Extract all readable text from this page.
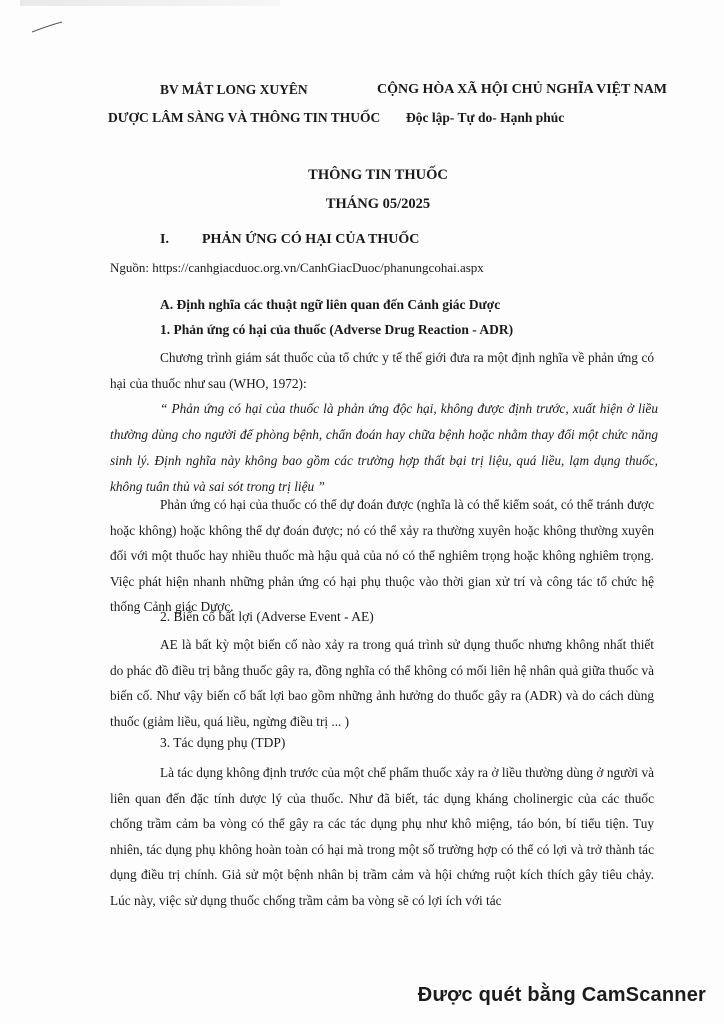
BV MẮT LONG XUYÊN	CỘNG HÒA XÃ HỘI CHỦ NGHĨA VIỆT NAM
DƯỢC LÂM SÀNG VÀ THÔNG TIN THUỐC Độc lập- Tự do- Hạnh phúc
THÔNG TIN THUỐC
THÁNG 05/2025
I. PHẢN ỨNG CÓ HẠI CỦA THUỐC
Nguồn: https://canhgiacduoc.org.vn/CanhGiacDuoc/phanungcohai.aspx
A. Định nghĩa các thuật ngữ liên quan đến Cảnh giác Dược
1. Phản ứng có hại của thuốc (Adverse Drug Reaction - ADR)

Chương trình giám sát thuốc của tổ chức y tế thế giới đưa ra một định nghĩa về phản ứng có hại của thuốc như sau (WHO, 1972):

“ Phản ứng có hại của thuốc là phản ứng độc hại, không được định trước, xuất hiện ở liều thường dùng cho người để phòng bệnh, chẩn đoán hay chữa bệnh hoặc nhằm thay đổi một chức năng sinh lý. Định nghĩa này không bao gồm các trường hợp thất bại trị liệu, quá liều, lạm dụng thuốc, không tuân thủ và sai sót trong trị liệu ”

Phản ứng có hại của thuốc có thể dự đoán được (nghĩa là có thể kiểm soát, có thể tránh được hoặc không) hoặc không thể dự đoán được; nó có thể xảy ra thường xuyên hoặc không thường xuyên đối với một thuốc hay nhiều thuốc mà hậu quả của nó có thể nghiêm trọng hoặc không nghiêm trọng. Việc phát hiện nhanh những phản ứng có hại phụ thuộc vào thời gian xử trí và công tác tổ chức hệ thống Cảnh giác Dược.

2. Biến cố bất lợi (Adverse Event - AE)

AE là bất kỳ một biến cố nào xảy ra trong quá trình sử dụng thuốc nhưng không nhất thiết do phác đồ điều trị bằng thuốc gây ra, đồng nghĩa có thể không có mối liên hệ nhân quả giữa thuốc và biến cố. Như vậy biến cố bất lợi bao gồm những ảnh hưởng do thuốc gây ra (ADR) và do cách dùng thuốc (giảm liều, quá liều, ngừng điều trị ... )

3. Tác dụng phụ (TDP)

Là tác dụng không định trước của một chế phẩm thuốc xảy ra ở liều thường dùng ở người và liên quan đến đặc tính dược lý của thuốc. Như đã biết, tác dụng kháng cholinergic của các thuốc chống trầm cảm ba vòng có thể gây ra các tác dụng phụ như khô miệng, táo bón, bí tiểu tiện. Tuy nhiên, tác dụng phụ không hoàn toàn có hại mà trong một số trường hợp có thể có lợi và trở thành tác dụng điều trị chính. Giả sử một bệnh nhân bị trầm cảm và hội chứng ruột kích thích gây tiêu chảy. Lúc này, việc sử dụng thuốc chống trầm cảm ba vòng sẽ có lợi ích với tác

Được quét bằng CamScanner
